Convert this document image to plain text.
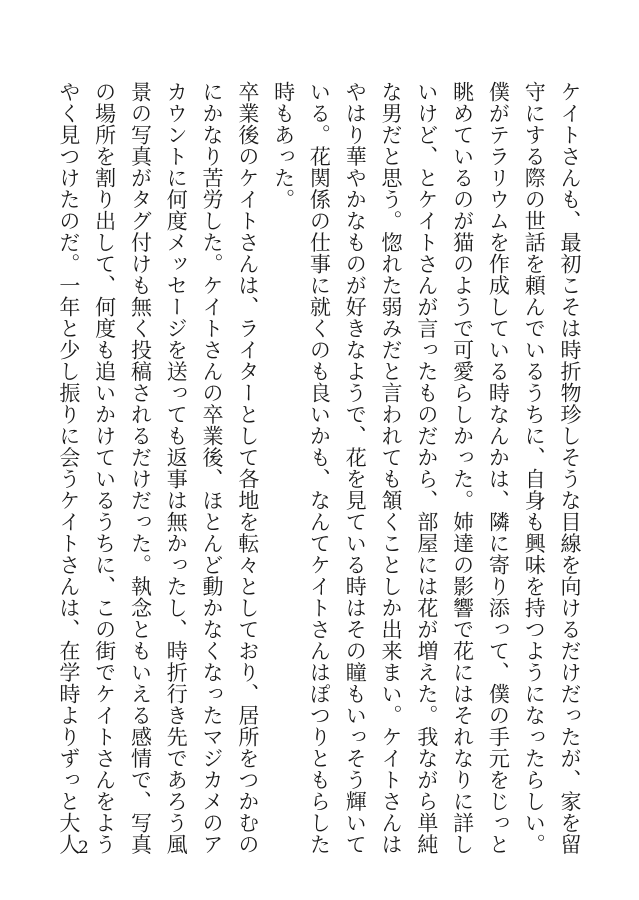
ケイトさんも、最初こそは時折物珍しそうな目線を向けるだけだったが、家を留
守にする際の世話を頼んでいるうちに、自身も興味を持つようになったらしい。
僕がテラリウムを作成している時なんかは、隣に寄り添って、僕の手元をじっと
眺めているのが猫のようで可愛らしかった。姉達の影響で花にはそれなりに詳し
いけど、とケイトさんが言ったものだから、部屋には花が増えた。我ながら単純
な男だと思う。惚れた弱みだと言われても頷くことしか出来まい。ケイトさんは
やはり華やかなものが好きなようで、花を見ている時はその瞳もいっそう輝いて
いる。花関係の仕事に就くのも良いかも、なんてケイトさんはぽつりともらした
時もあった。
卒業後のケイトさんは、ライターとして各地を転々としており、居所をつかむの
にかなり苦労した。ケイトさんの卒業後、ほとんど動かなくなったマジカメのア
カウントに何度メッセージを送っても返事は無かったし、時折行き先であろう風
景の写真がタグ付けも無く投稿されるだけだった。執念ともいえる感情で、写真
の場所を割り出して、何度も追いかけているうちに、この街でケイトさんをよう
やく見つけたのだ。一年と少し振りに会うケイトさんは、在学時よりずっと大人
2
